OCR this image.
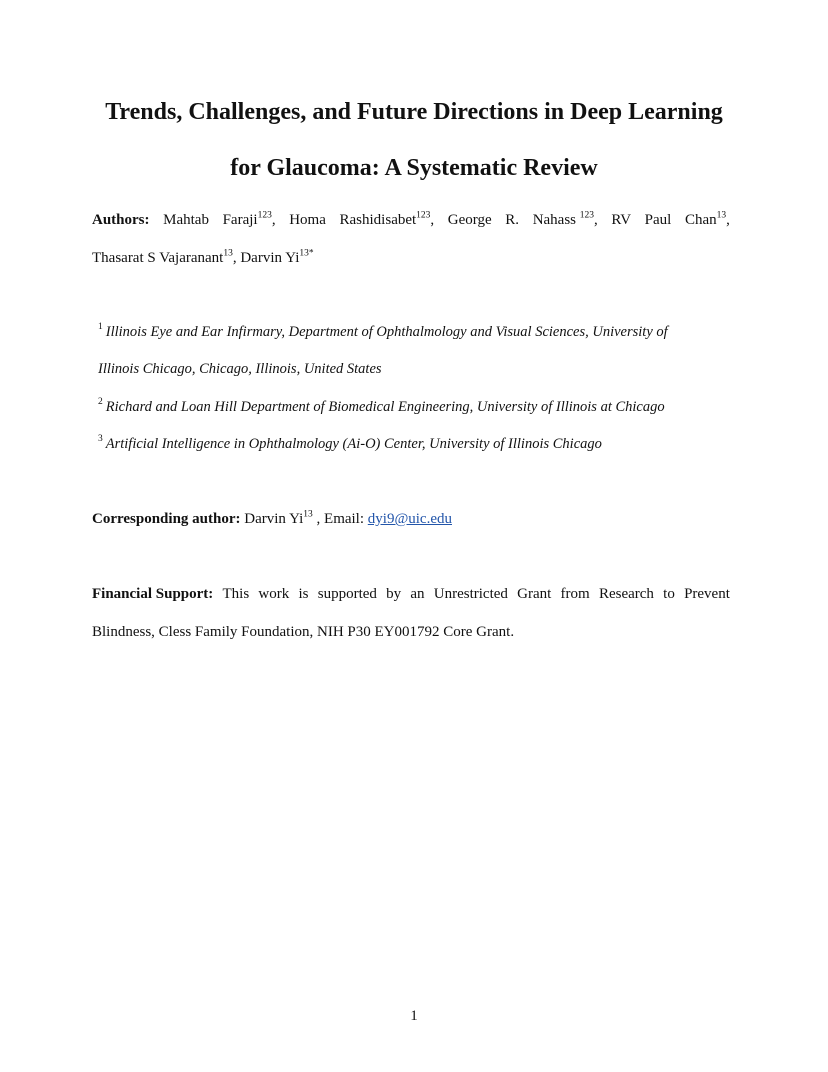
Trends, Challenges, and Future Directions in Deep Learning
for Glaucoma: A Systematic Review
Authors: Mahtab Faraji$^{123}$, Homa Rashidisabet$^{123}$, George R. Nahass $^{123}$, RV Paul Chan$^{13}$,
Thasarat S Vajaranant$^{13}$, Darvin $Yi^{13*}$
$^1$ Illinois Eye and Ear Infirmary, Department of Ophthalmology and Visual Sciences, University of
Illinois Chicago, Chicago, Illinois, United States
$^2$ Richard and Loan Hill Department of Biomedical Engineering, University of Illinois at Chicago
$^3$ Artificial Intelligence in Ophthalmology (Ai-O) Center, University of Illinois Chicago
Corresponding author: Darvin Yi$^{13}$ , Email: dyi9@uic.edu
Financial Support: This work is supported by an Unrestricted Grant from Research to Prevent
Blindness, Cless Family Foundation, NIH P30 EY001792 Core Grant.
1
